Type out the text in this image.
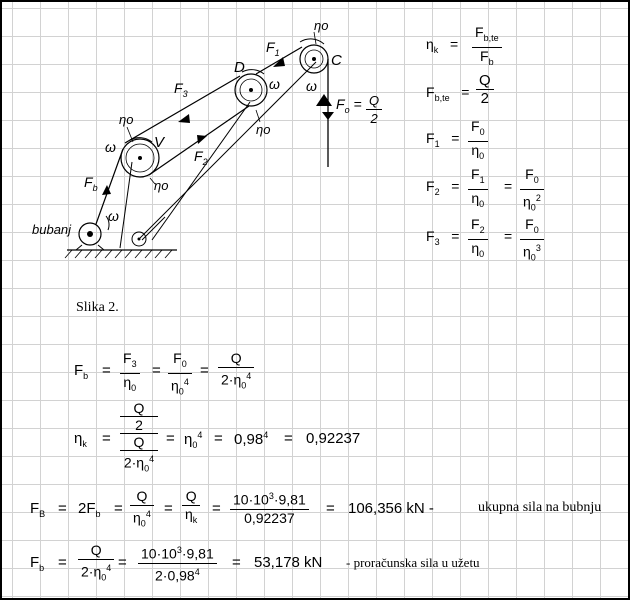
ηo
$F_1$	C
D
ω ω
$F_o = \frac{Q}{2}$
$F_3$
ηo
ηo
ω	V
$F_2$
ηo
$F_b$
ω
bubanj
$\eta_k = \frac{F_{b,te}}{F_b}$
$F_{b,te} = \frac{Q}{2}$
$F_1 = \frac{F_0}{\eta_0}$
$F_2 = \frac{F_1}{\eta_0} = \frac{F_0}{\eta_0^2}$
$F_3 = \frac{F_2}{\eta_0} = \frac{F_0}{\eta_0^3}$
Slika 2.
$F_b = \frac{F_3}{\eta_0} = \frac{F_0}{\eta_0^4} = \frac{Q}{2\cdot\eta_0^4}$
$\eta_k$ =
Q
2
Q
$2\cdot\eta_0^4$
= $\eta_0^4 = 0,98^4 = 0,92237$
$F_B = 2F_b = \frac{Q}{\eta_0^4} = \frac{Q}{\eta_k} = \frac{10\cdot 10^3\cdot 9,81}{0,92237} = 106,356$ kN -	ukupna sila na bubnju
$F_b = \frac{Q}{2\cdot\eta_0^4} = \frac{10\cdot 10^3\cdot 9,81}{2\cdot 0,98^4} = 53,178$ kN - proračunska sila u užetu
